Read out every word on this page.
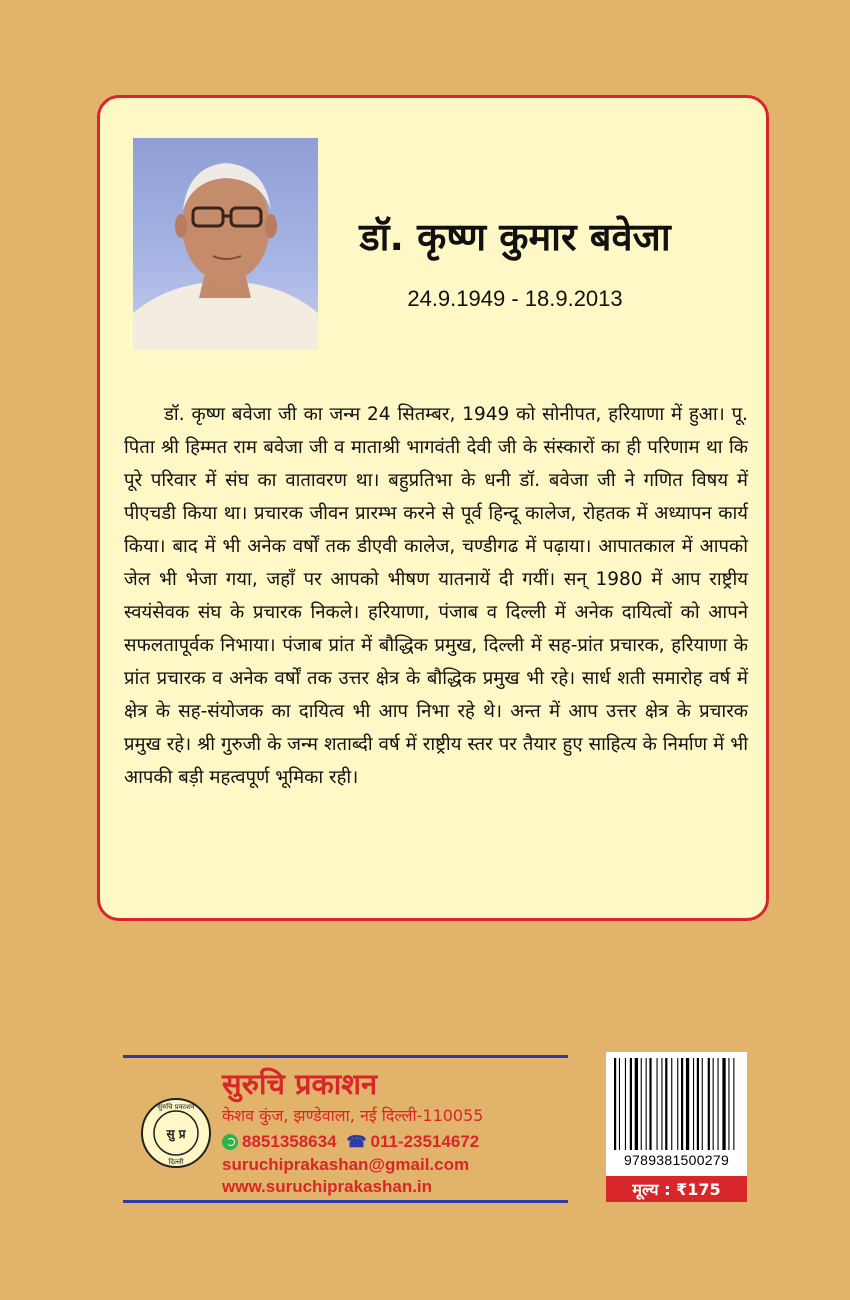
डॉ. कृष्ण कुमार बवेजा
24.9.1949 - 18.9.2013

डॉ. कृष्ण बवेजा जी का जन्म 24 सितम्बर, 1949 को सोनीपत, हरियाणा में हुआ। पू. पिता श्री हिम्मत राम बवेजा जी व माताश्री भागवंती देवी जी के संस्कारों का ही परिणाम था कि पूरे परिवार में संघ का वातावरण था। बहुप्रतिभा के धनी डॉ. बवेजा जी ने गणित विषय में पीएचडी किया था। प्रचारक जीवन प्रारम्भ करने से पूर्व हिन्दू कालेज, रोहतक में अध्यापन कार्य किया। बाद में भी अनेक वर्षों तक डीएवी कालेज, चण्डीगढ में पढ़ाया। आपातकाल में आपको जेल भी भेजा गया, जहाँ पर आपको भीषण यातनायें दी गयीं। सन् 1980 में आप राष्ट्रीय स्वयंसेवक संघ के प्रचारक निकले। हरियाणा, पंजाब व दिल्ली में अनेक दायित्वों को आपने सफलतापूर्वक निभाया। पंजाब प्रांत में बौद्धिक प्रमुख, दिल्ली में सह-प्रांत प्रचारक, हरियाणा के प्रांत प्रचारक व अनेक वर्षों तक उत्तर क्षेत्र के बौद्धिक प्रमुख भी रहे। सार्ध शती समारोह वर्ष में क्षेत्र के सह-संयोजक का दायित्व भी आप निभा रहे थे। अन्त में आप उत्तर क्षेत्र के प्रचारक प्रमुख रहे। श्री गुरुजी के जन्म शताब्दी वर्ष में राष्ट्रीय स्तर पर तैयार हुए साहित्य के निर्माण में भी आपकी बड़ी महत्वपूर्ण भूमिका रही।

सुरुचि प्रकाशन
सु प्र
दिल्ली
सुरुचि प्रकाशन
केशव कुंज, झण्डेवाला, नई दिल्ली-110055
8851358634 ☎ 011-23514672
suruchiprakashan@gmail.com
www.suruchiprakashan.in
9789381500279
मूल्य : ₹175
